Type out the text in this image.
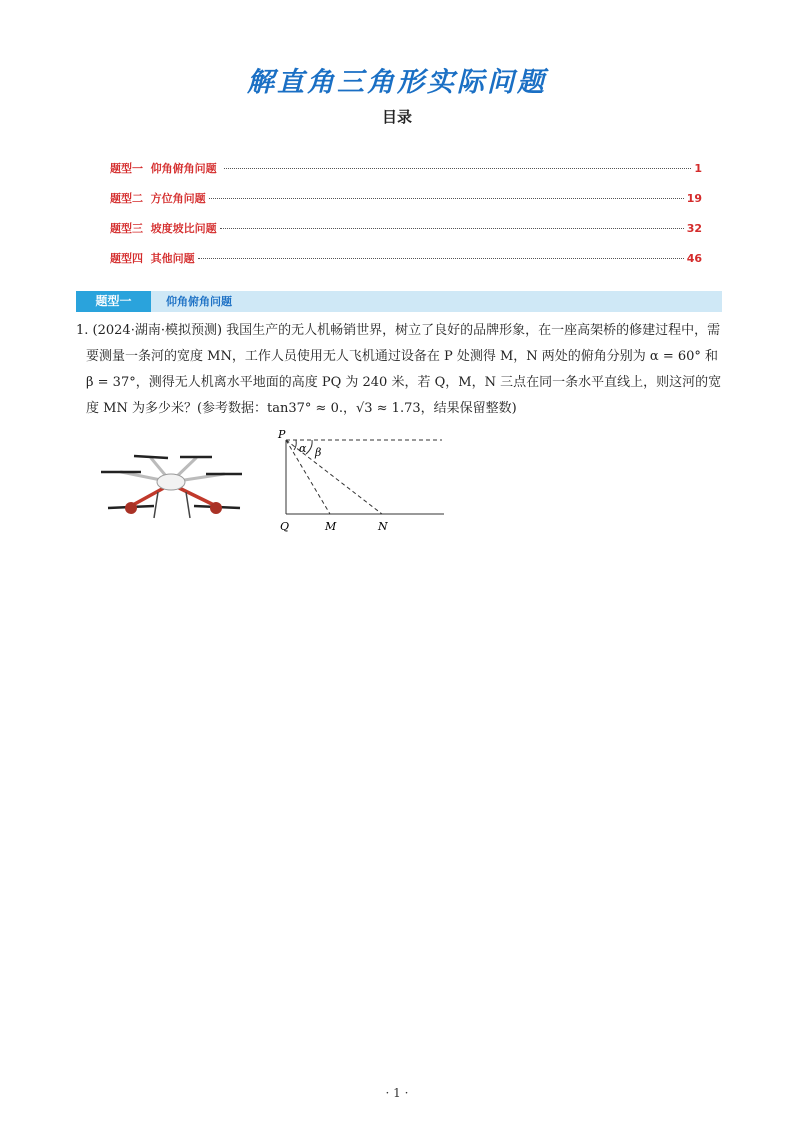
解直角三角形实际问题
目录
题型一  仰角俯角问题	1
题型二  方位角问题	19
题型三  坡度坡比问题	32
题型四  其他问题	46
题型一	仰角俯角问题

1. (2024·湖南·模拟预测) 我国生产的无人机畅销世界，树立了良好的品牌形象，在一座高架桥的修建过程中，需要测量一条河的宽度 MN，工作人员使用无人飞机通过设备在 P 处测得 M，N 两处的俯角分别为 α = 60° 和 β = 37°，测得无人机离水平地面的高度 PQ 为 240 米，若 Q，M，N 三点在同一条水平直线上，则这河的宽度 MN 为多少米？(参考数据：tan37° ≈ 0.，√3 ≈ 1.73，结果保留整数)

P
α β
Q	M	N
· 1 ·
